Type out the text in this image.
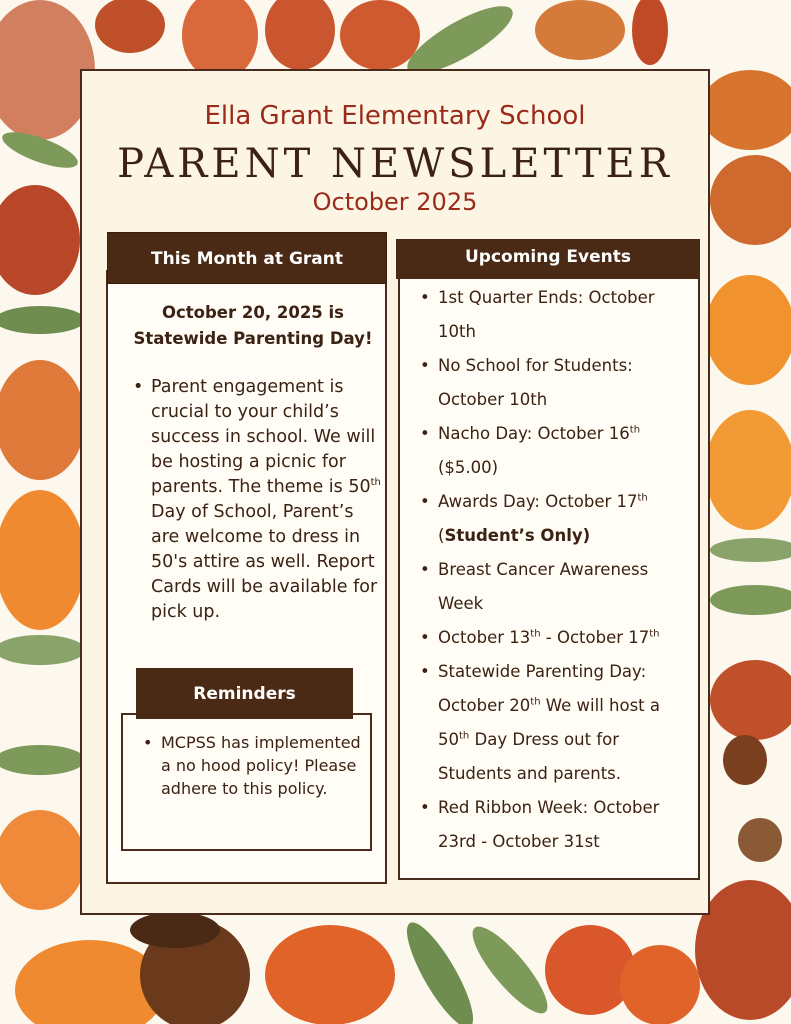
Ella Grant Elementary School
PARENT NEWSLETTER
October 2025
This Month at Grant
October 20, 2025 is
Statewide Parenting Day!
• Parent engagement is crucial to your child’s success in school. We will be hosting a picnic for parents. The theme is 50th Day of School, Parent’s are welcome to dress in 50's attire as well. Report Cards will be available for pick up.
Reminders
• MCPSS has implemented a no hood policy! Please adhere to this policy.
Upcoming Events
• 1st Quarter Ends: October 10th
• No School for Students: October 10th
• Nacho Day: October 16th ($5.00)
• Awards Day: October 17th (Student’s Only)
• Breast Cancer Awareness Week
• October 13th - October 17th
• Statewide Parenting Day: October 20th We will host a 50th Day Dress out for Students and parents.
• Red Ribbon Week: October 23rd - October 31st
